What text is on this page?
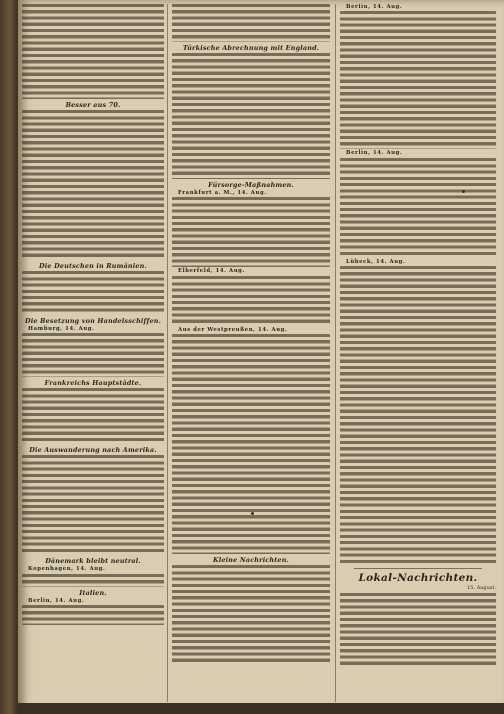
Besser aus 70.
Die Deutschen in Rumänien.
Die Besetzung von Handelsschiffen.

Hamburg, 14. Aug.

Frankreichs Hauptstädte.
Die Auswanderung nach Amerika.
Dänemark bleibt neutral.

Kopenhagen, 14. Aug.

Italien.

Berlin, 14. Aug.

Türkische Abrechnung mit England.
Fürsorge-Maßnahmen.

Frankfurt a. M., 14. Aug.

Elberfeld, 14. Aug.

Aus der Westpreußen, 14. Aug.

Kleine Nachrichten.

Berlin, 14. Aug.

Berlin, 14. Aug.

Lübeck, 14. Aug.

Lokal-Nachrichten.
15. August.
